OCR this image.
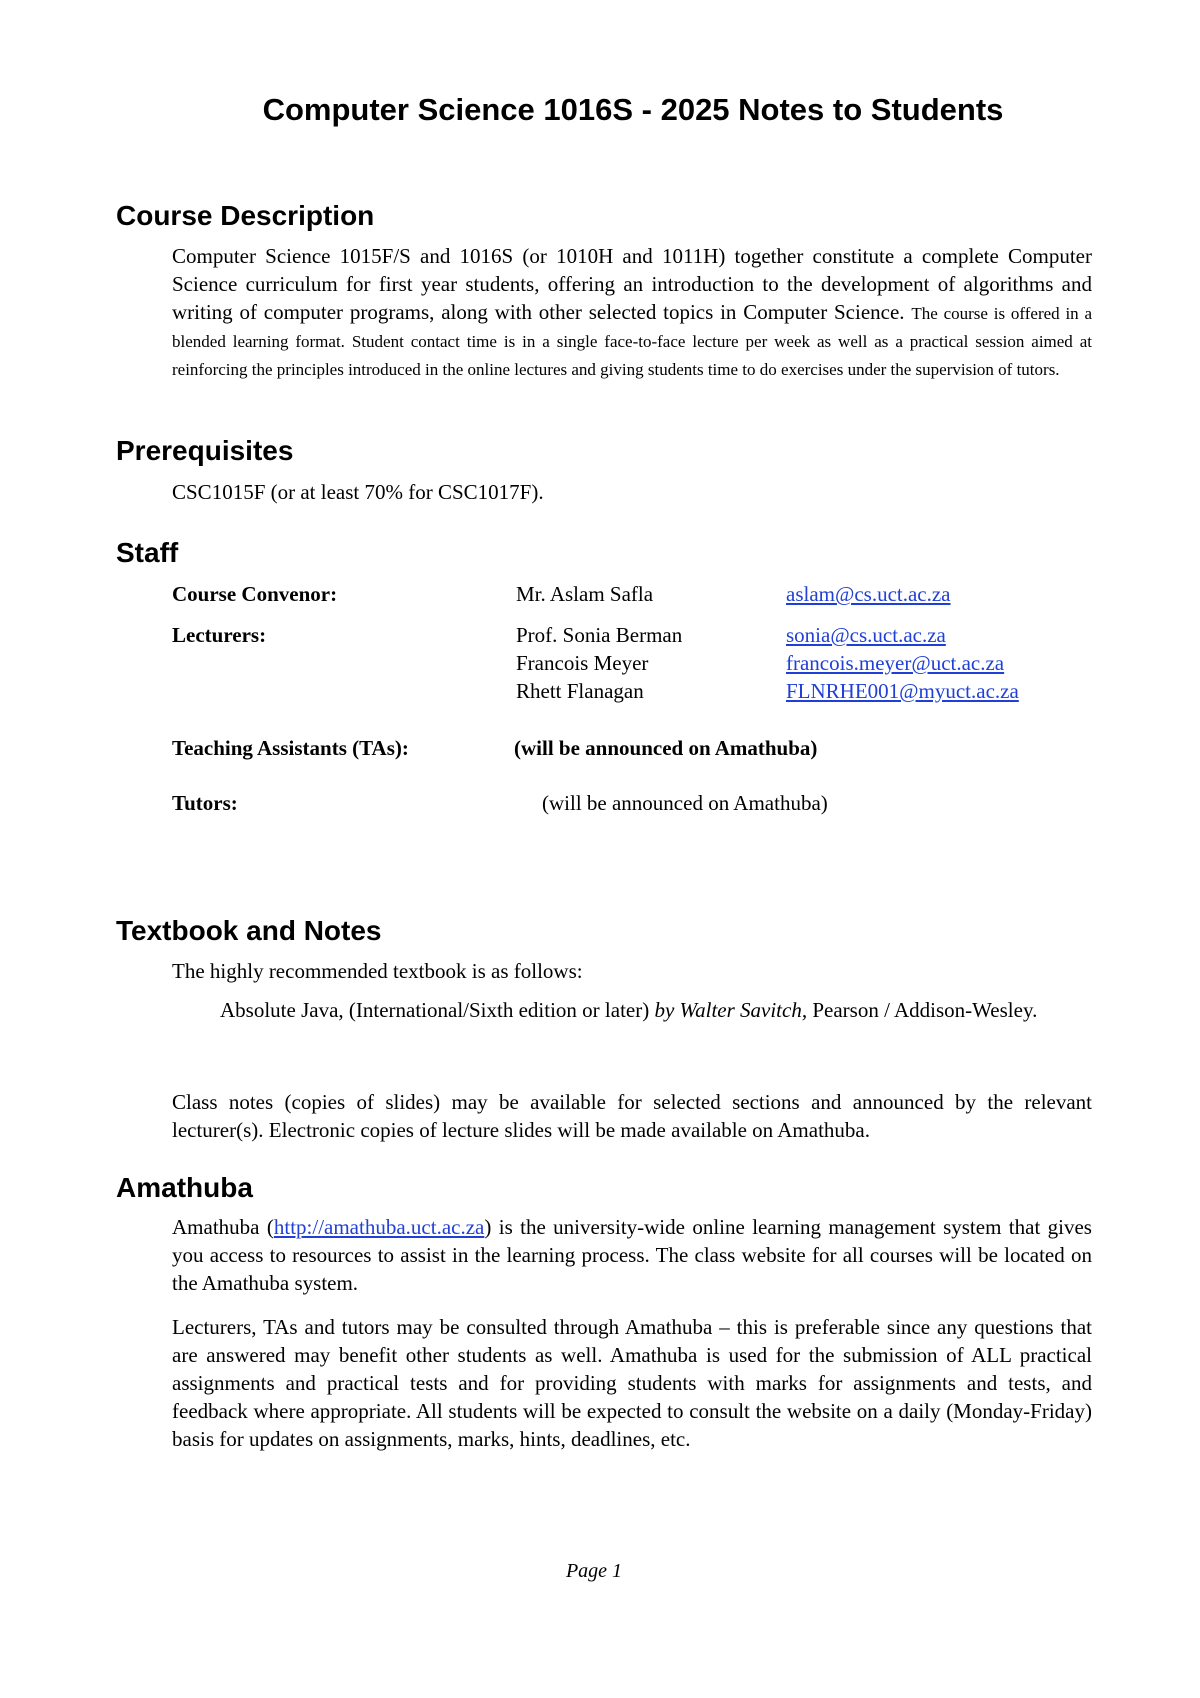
Computer Science 1016S - 2025 Notes to Students
Course Description

Computer Science 1015F/S and 1016S (or 1010H and 1011H) together constitute a complete Computer Science curriculum for first year students, offering an introduction to the development of algorithms and writing of computer programs, along with other selected topics in Computer Science. The course is offered in a blended learning format. Student contact time is in a single face-to-face lecture per week as well as a practical session aimed at reinforcing the principles introduced in the online lectures and giving students time to do exercises under the supervision of tutors.

Prerequisites

CSC1015F (or at least 70% for CSC1017F).

Staff
Course Convenor:	Mr. Aslam Safla	aslam@cs.uct.ac.za
Lecturers:	Prof. Sonia Berman	sonia@cs.uct.ac.za
Francois Meyer	francois.meyer@uct.ac.za
Rhett Flanagan	FLNRHE001@myuct.ac.za
Teaching Assistants (TAs):	(will be announced on Amathuba)
Tutors:	(will be announced on Amathuba)
Textbook and Notes

The highly recommended textbook is as follows:

Absolute Java, (International/Sixth edition or later) by Walter Savitch, Pearson / Addison-Wesley.

Class notes (copies of slides) may be available for selected sections and announced by the relevant lecturer(s). Electronic copies of lecture slides will be made available on Amathuba.

Amathuba

Amathuba (http://amathuba.uct.ac.za) is the university-wide online learning management system that gives you access to resources to assist in the learning process. The class website for all courses will be located on the Amathuba system.

Lecturers, TAs and tutors may be consulted through Amathuba – this is preferable since any questions that are answered may benefit other students as well. Amathuba is used for the submission of ALL practical assignments and practical tests and for providing students with marks for assignments and tests, and feedback where appropriate. All students will be expected to consult the website on a daily (Monday-Friday) basis for updates on assignments, marks, hints, deadlines, etc.

Page 1
